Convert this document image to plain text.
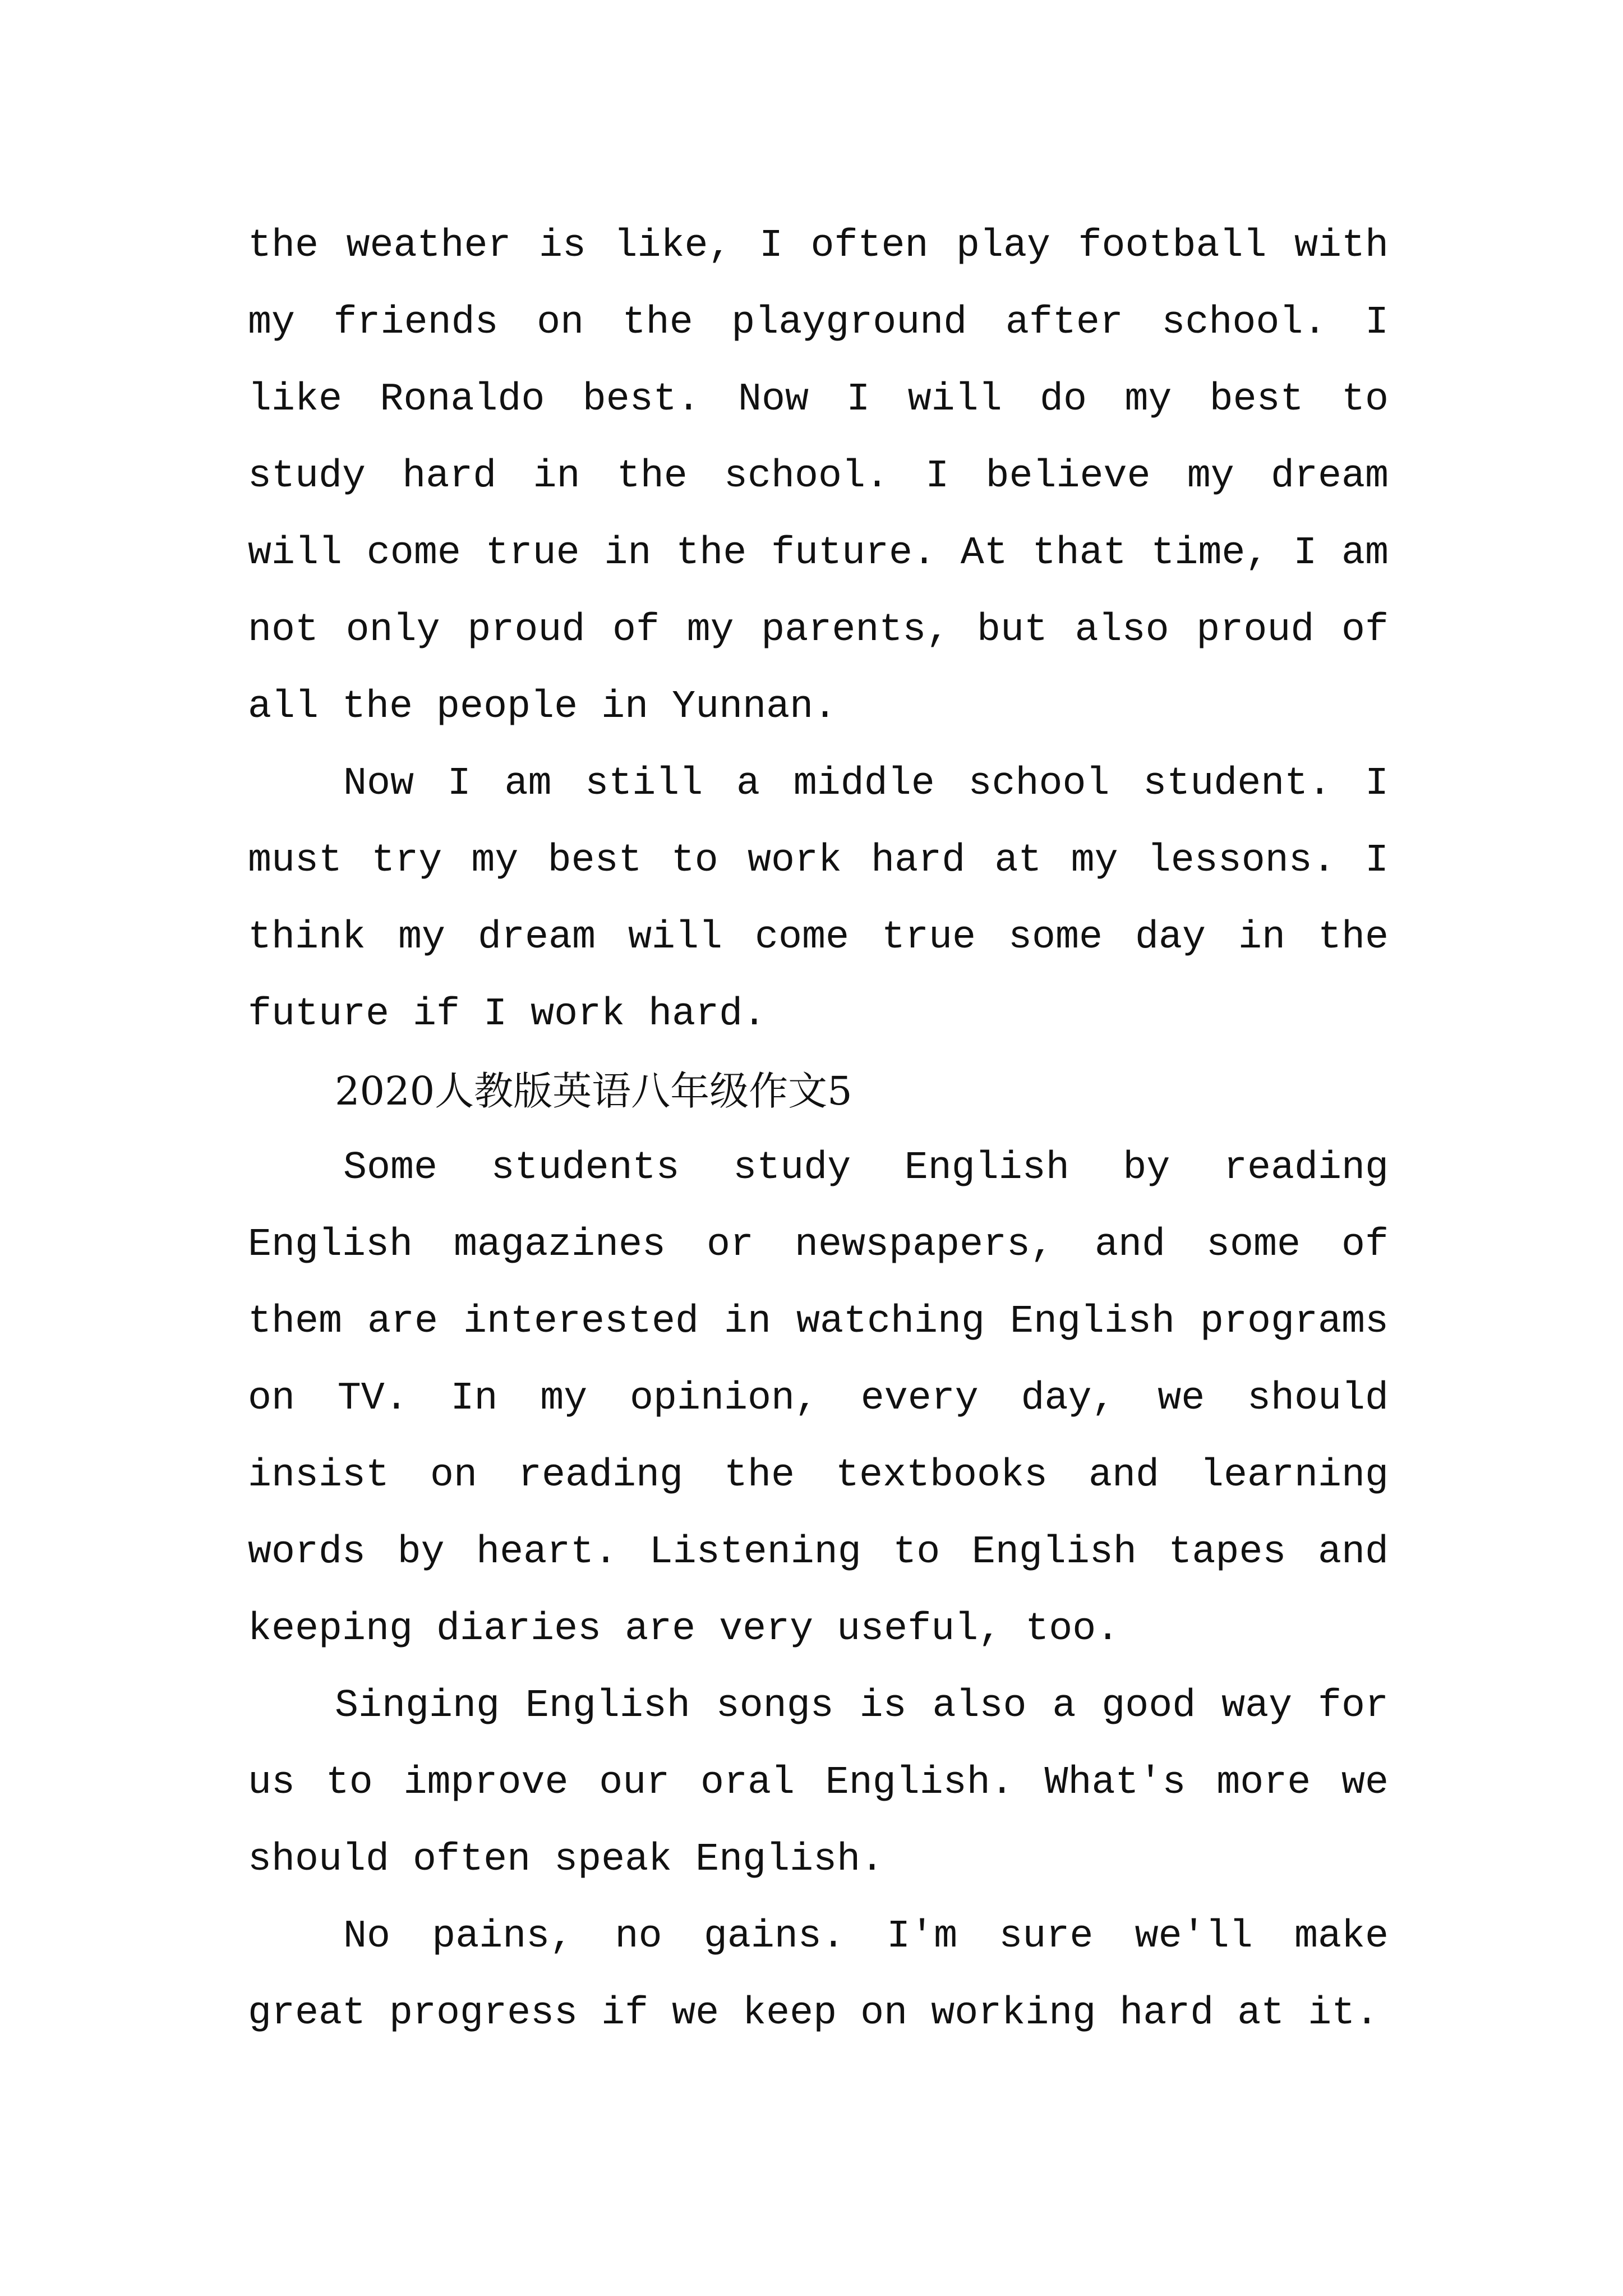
the weather is like, I often play football with my friends on the playground after school. I like Ronaldo best. Now I will do my best to study hard in the school. I believe my dream will come true in the future. At that time, I am not only proud of my parents, but also proud of all the people in Yunnan.

Now I am still a middle school student. I must try my best to work hard at my lessons. I think my dream will come true some day in the future if I work hard.

2020人教版英语八年级作文5

Some students study English by reading English magazines or newspapers, and some of them are interested in watching English programs on TV. In my opinion, every day, we should insist on reading the textbooks and learning words by heart. Listening to English tapes and keeping diaries are very useful, too.

Singing English songs is also a good way for us to improve our oral English. What's more we should often speak English.

No pains, no gains. I'm sure we'll make great progress if we keep on working hard at it.
